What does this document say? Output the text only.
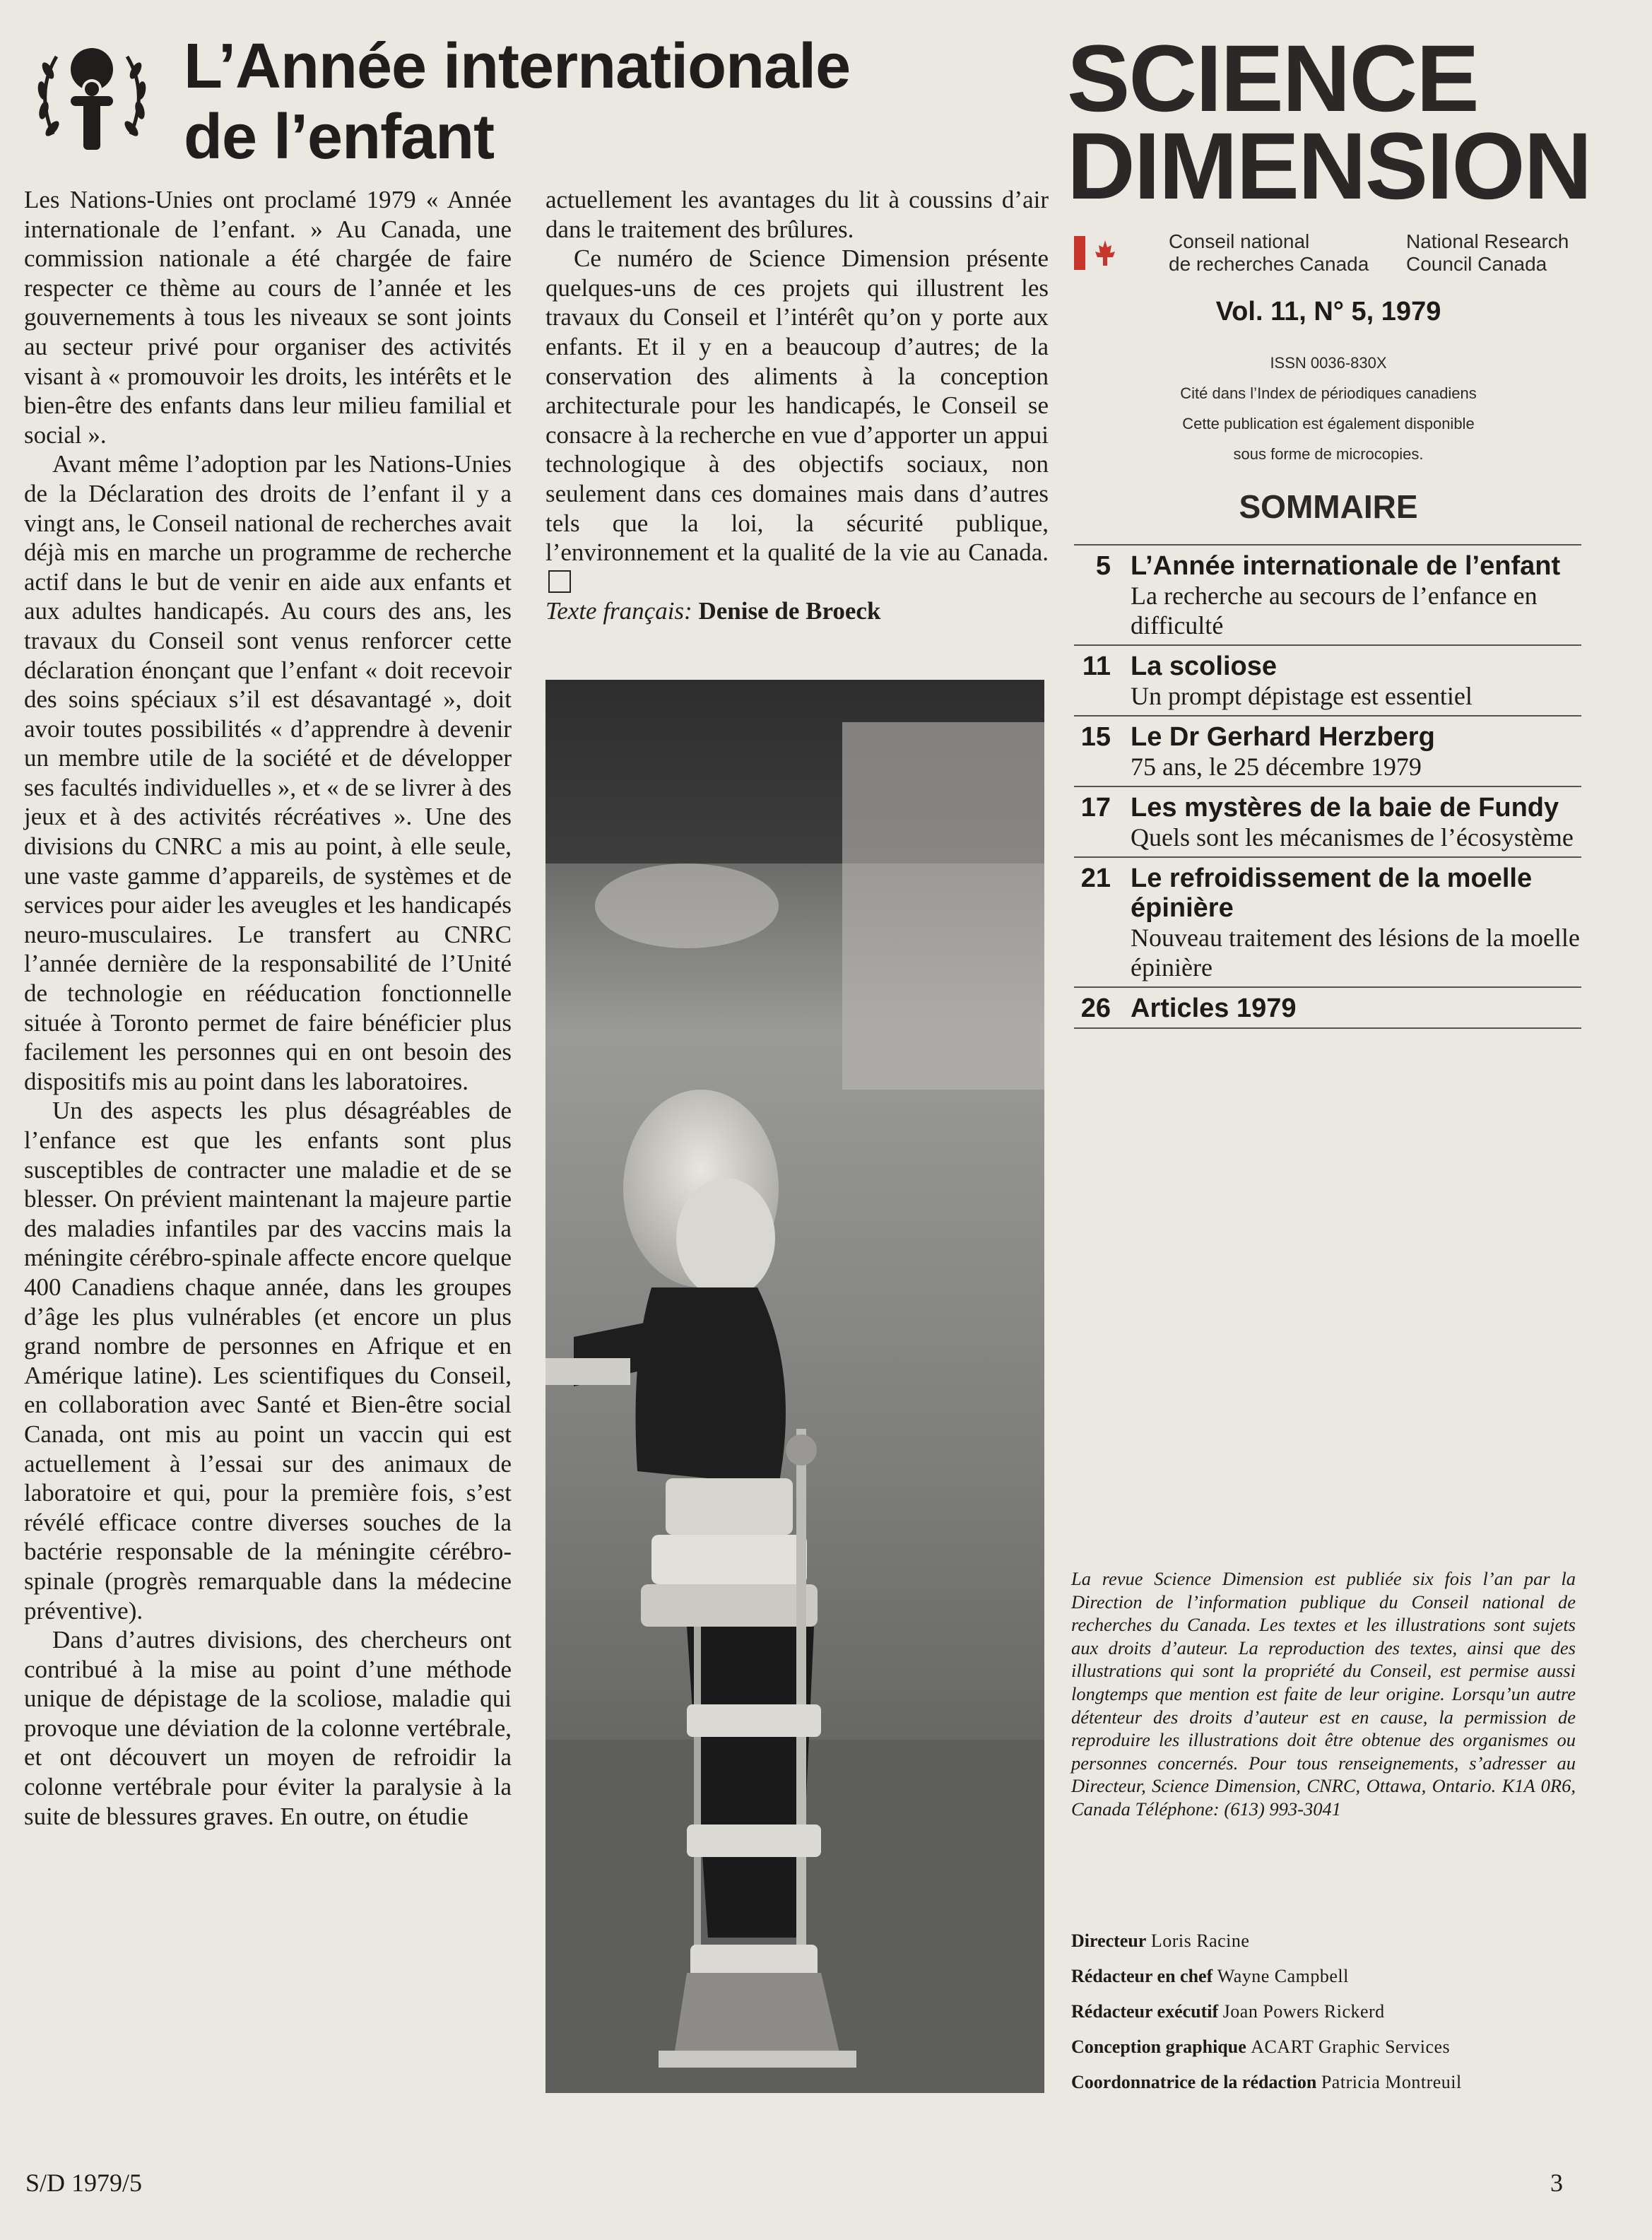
L’Année internationale
de l’enfant
SCIENCE
DIMENSION
Conseil national
de recherches Canada
National Research
Council Canada
Vol. 11, N° 5, 1979
ISSN 0036-830X
Cité dans l’Index de périodiques canadiens
Cette publication est également disponible
sous forme de microcopies.
SOMMAIRE
5 L’Année internationale de l’enfant
La recherche au secours de l’enfance en difficulté
11 La scoliose
Un prompt dépistage est essentiel
15 Le Dr Gerhard Herzberg
75 ans, le 25 décembre 1979
17 Les mystères de la baie de Fundy
Quels sont les mécanismes de l’écosystème
21 Le refroidissement de la moelle épinière
Nouveau traitement des lésions de la moelle épinière
26 Articles 1979

Les Nations-Unies ont proclamé 1979 « Année internationale de l’enfant. » Au Canada, une commission nationale a été chargée de faire respecter ce thème au cours de l’année et les gouvernements à tous les niveaux se sont joints au secteur privé pour organiser des activités visant à « promouvoir les droits, les intérêts et le bien-être des enfants dans leur milieu familial et social ».

Avant même l’adoption par les Nations-Unies de la Déclaration des droits de l’enfant il y a vingt ans, le Conseil national de recherches avait déjà mis en marche un programme de recherche actif dans le but de venir en aide aux enfants et aux adultes handicapés. Au cours des ans, les travaux du Conseil sont venus renforcer cette déclaration énonçant que l’enfant « doit recevoir des soins spéciaux s’il est désavantagé », doit avoir toutes possibilités « d’apprendre à devenir un membre utile de la société et de développer ses facultés individuelles », et « de se livrer à des jeux et à des activités récréatives ». Une des divisions du CNRC a mis au point, à elle seule, une vaste gamme d’appareils, de systèmes et de services pour aider les aveugles et les handicapés neuro-musculaires. Le transfert au CNRC l’année dernière de la responsabilité de l’Unité de technologie en rééducation fonctionnelle située à Toronto permet de faire bénéficier plus facilement les personnes qui en ont besoin des dispositifs mis au point dans les laboratoires.

Un des aspects les plus désagréables de l’enfance est que les enfants sont plus susceptibles de contracter une maladie et de se blesser. On prévient maintenant la majeure partie des maladies infantiles par des vaccins mais la méningite cérébro-spinale affecte encore quelque 400 Canadiens chaque année, dans les groupes d’âge les plus vulnérables (et encore un plus grand nombre de personnes en Afrique et en Amérique latine). Les scientifiques du Conseil, en collaboration avec Santé et Bien-être social Canada, ont mis au point un vaccin qui est actuellement à l’essai sur des animaux de laboratoire et qui, pour la première fois, s’est révélé efficace contre diverses souches de la bactérie responsable de la méningite cérébro-spinale (progrès remarquable dans la médecine préventive).

Dans d’autres divisions, des chercheurs ont contribué à la mise au point d’une méthode unique de dépistage de la scoliose, maladie qui provoque une déviation de la colonne vertébrale, et ont découvert un moyen de refroidir la colonne vertébrale pour éviter la paralysie à la suite de blessures graves. En outre, on étudie

actuellement les avantages du lit à coussins d’air dans le traitement des brûlures.

Ce numéro de Science Dimension présente quelques-uns de ces projets qui illustrent les travaux du Conseil et l’intérêt qu’on y porte aux enfants. Et il y en a beaucoup d’autres; de la conservation des aliments à la conception architecturale pour les handicapés, le Conseil se consacre à la recherche en vue d’apporter un appui technologique à des objectifs sociaux, non seulement dans ces domaines mais dans d’autres tels que la loi, la sécurité publique, l’environnement et la qualité de la vie au Canada.

Texte français: Denise de Broeck

La revue Science Dimension est publiée six fois l’an par la Direction de l’information publique du Conseil national de recherches du Canada. Les textes et les illustrations sont sujets aux droits d’auteur. La reproduction des textes, ainsi que des illustrations qui sont la propriété du Conseil, est permise aussi longtemps que mention est faite de leur origine. Lorsqu’un autre détenteur des droits d’auteur est en cause, la permission de reproduire les illustrations doit être obtenue des organismes ou personnes concernés. Pour tous renseignements, s’adresser au Directeur, Science Dimension, CNRC, Ottawa, Ontario. K1A 0R6, Canada Téléphone: (613) 993-3041
Directeur Loris Racine
Rédacteur en chef Wayne Campbell
Rédacteur exécutif Joan Powers Rickerd
Conception graphique ACART Graphic Services
Coordonnatrice de la rédaction Patricia Montreuil
S/D 1979/5	3
